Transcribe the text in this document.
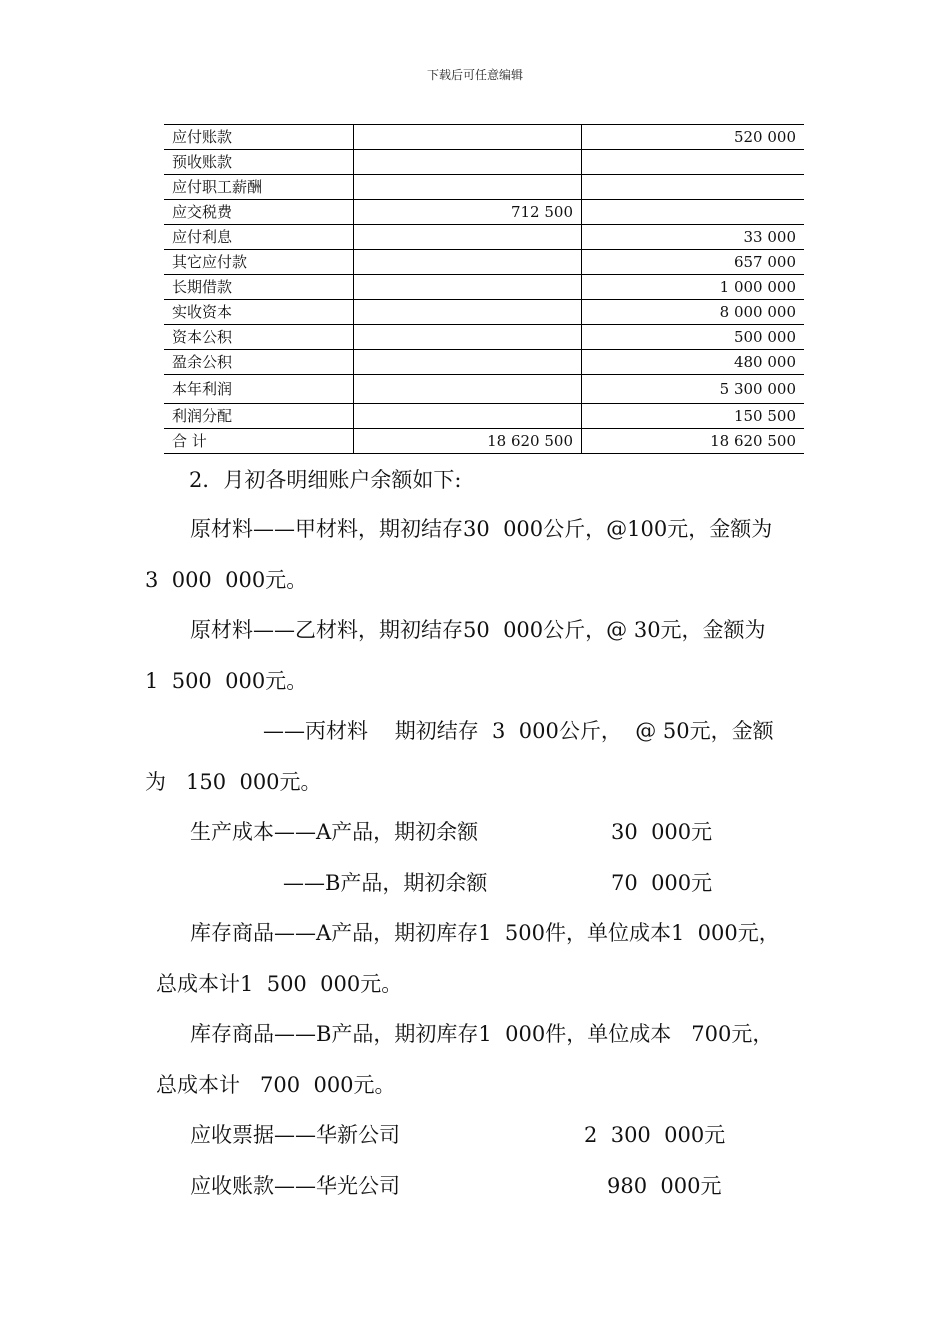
下载后可任意编辑
应付账款		520 000
预收账款		
应付职工薪酬		
应交税费	712 500	
应付利息		33 000
其它应付款		657 000
长期借款		1 000 000
实收资本		8 000 000
资本公积		500 000
盈余公积		480 000
本年利润		5 300 000
利润分配		150 500
合 计	18 620 500	18 620 500
2．月初各明细账户余额如下:
原材料——甲材料，期初结存30  000公斤，@100元，金额为
3  000  000元。
原材料——乙材料，期初结存50  000公斤，@ 30元，金额为
1  500  000元。
——丙材料    期初结存  3  000公斤，  @ 50元，金额
为   150  000元。
生产成本——A产品，期初余额	30  000元
——B产品，期初余额	70  000元
库存商品——A产品，期初库存1  500件，单位成本1  000元，
总成本计1  500  000元。
库存商品——B产品，期初库存1  000件，单位成本   700元，
总成本计   700  000元。
应收票据——华新公司	2  300  000元
应收账款——华光公司	980  000元
